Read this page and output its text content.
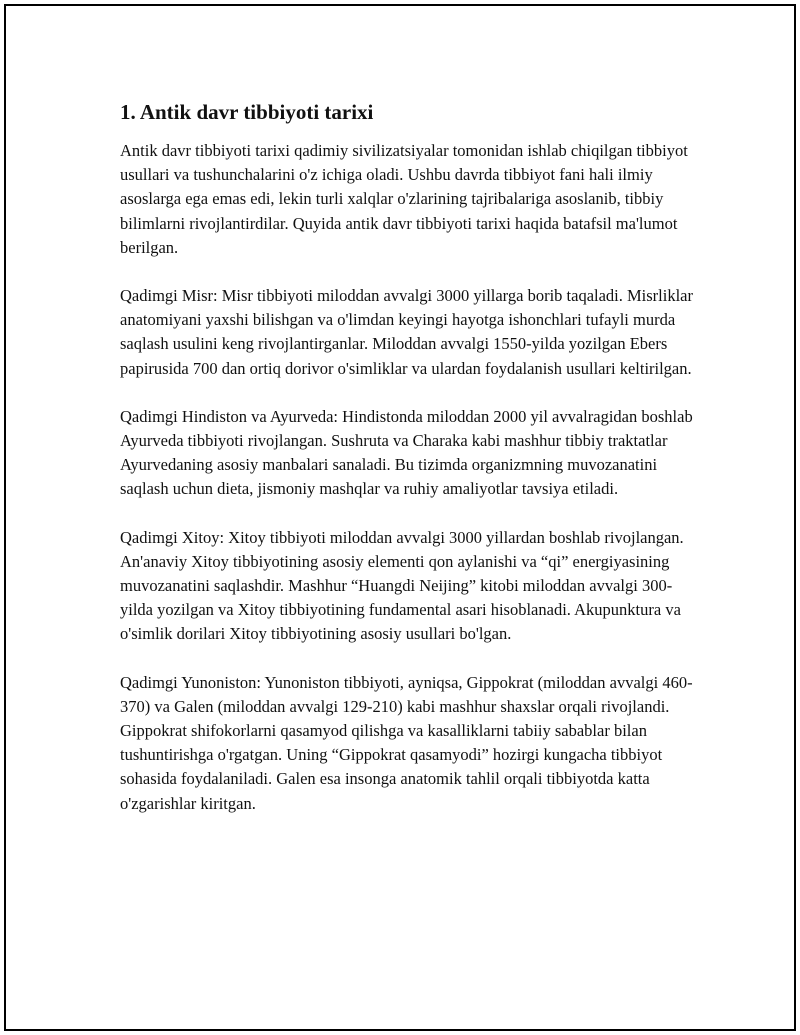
1. Antik davr tibbiyoti tarixi

Antik davr tibbiyoti tarixi qadimiy sivilizatsiyalar tomonidan ishlab chiqilgan tibbiyot usullari va tushunchalarini o'z ichiga oladi. Ushbu davrda tibbiyot fani hali ilmiy asoslarga ega emas edi, lekin turli xalqlar o'zlarining tajribalariga asoslanib, tibbiy bilimlarni rivojlantirdilar. Quyida antik davr tibbiyoti tarixi haqida batafsil ma'lumot berilgan.

Qadimgi Misr: Misr tibbiyoti miloddan avvalgi 3000 yillarga borib taqaladi. Misrliklar anatomiyani yaxshi bilishgan va o'limdan keyingi hayotga ishonchlari tufayli murda saqlash usulini keng rivojlantirganlar. Miloddan avvalgi 1550-yilda yozilgan Ebers papirusida 700 dan ortiq dorivor o'simliklar va ulardan foydalanish usullari keltirilgan.

Qadimgi Hindiston va Ayurveda: Hindistonda miloddan 2000 yil avvalragidan boshlab Ayurveda tibbiyoti rivojlangan. Sushruta va Charaka kabi mashhur tibbiy traktatlar Ayurvedaning asosiy manbalari sanaladi. Bu tizimda organizmning muvozanatini saqlash uchun dieta, jismoniy mashqlar va ruhiy amaliyotlar tavsiya etiladi.

Qadimgi Xitoy: Xitoy tibbiyoti miloddan avvalgi 3000 yillardan boshlab rivojlangan. An'anaviy Xitoy tibbiyotining asosiy elementi qon aylanishi va “qi” energiyasining muvozanatini saqlashdir. Mashhur “Huangdi Neijing” kitobi miloddan avvalgi 300-yilda yozilgan va Xitoy tibbiyotining fundamental asari hisoblanadi. Akupunktura va o'simlik dorilari Xitoy tibbiyotining asosiy usullari bo'lgan.

Qadimgi Yunoniston: Yunoniston tibbiyoti, ayniqsa, Gippokrat (miloddan avvalgi 460-370) va Galen (miloddan avvalgi 129-210) kabi mashhur shaxslar orqali rivojlandi. Gippokrat shifokorlarni qasamyod qilishga va kasalliklarni tabiiy sabablar bilan tushuntirishga o'rgatgan. Uning “Gippokrat qasamyodi” hozirgi kungacha tibbiyot sohasida foydalaniladi. Galen esa insonga anatomik tahlil orqali tibbiyotda katta o'zgarishlar kiritgan.
